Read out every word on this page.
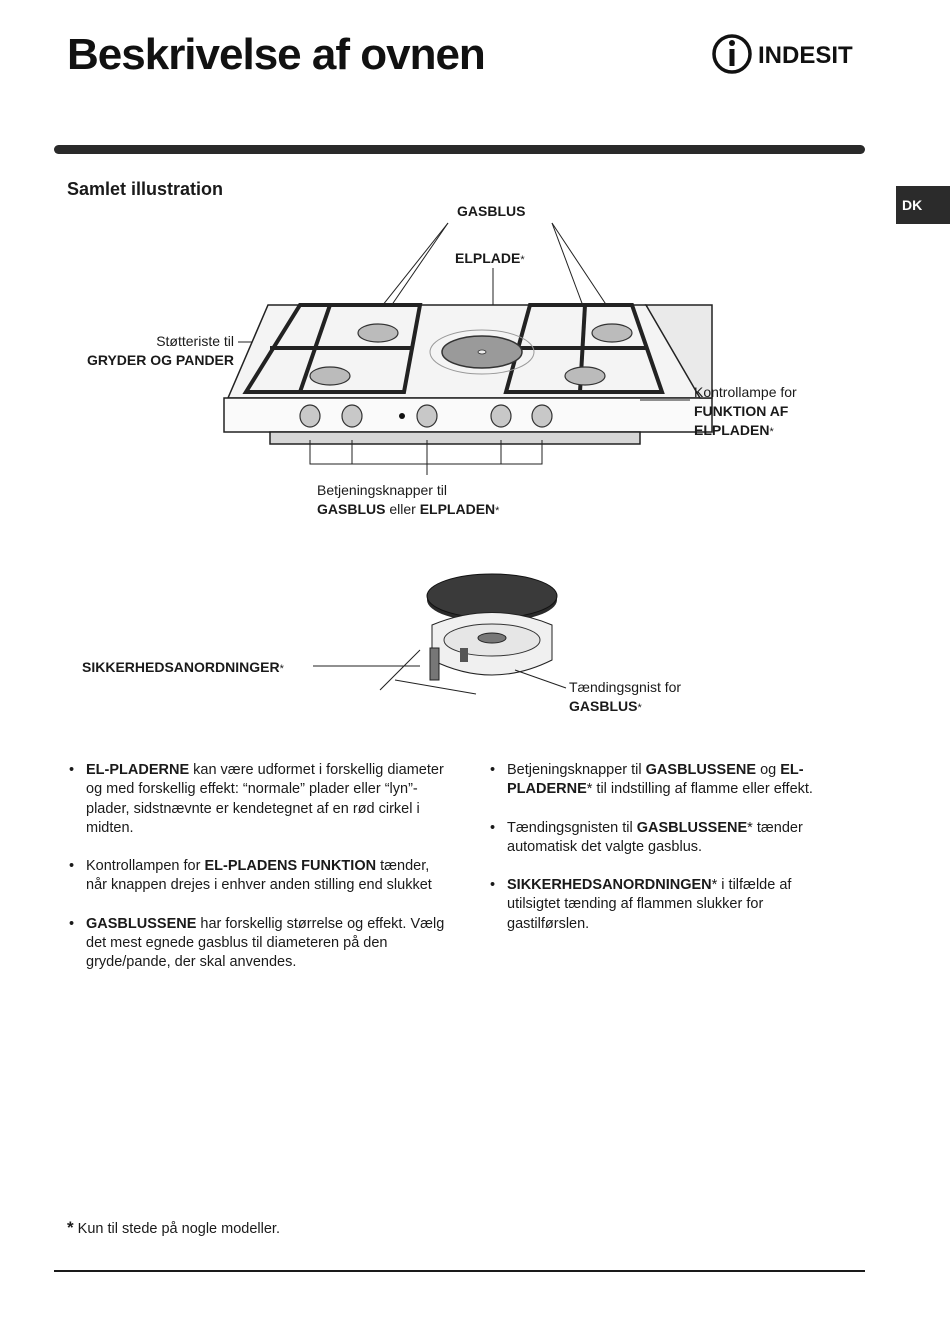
Beskrivelse af ovnen	INDESIT
DK
Samlet illustration
GASBLUS
ELPLADE*
Støtteriste til
GRYDER OG PANDER
Kontrollampe for
FUNKTION AF
ELPLADEN*
Betjeningsknapper til
GASBLUS eller ELPLADEN*
SIKKERHEDSANORDNINGER*
Tændingsgnist for
GASBLUS*
• EL-PLADERNE kan være udformet i forskellig diameter og med forskellig effekt: “normale” plader eller “lyn”-plader, sidstnævnte er kendetegnet af en rød cirkel i midten.
• Kontrollampen for EL-PLADENS FUNKTION tænder, når knappen drejes i enhver anden stilling end slukket
• GASBLUSSENE har forskellig størrelse og effekt. Vælg det mest egnede gasblus til diameteren på den gryde/pande, der skal anvendes.
• Betjeningsknapper til GASBLUSSENE og EL-PLADERNE* til indstilling af flamme eller effekt.
• Tændingsgnisten til GASBLUSSENE* tænder automatisk det valgte gasblus.
• SIKKERHEDSANORDNINGEN* i tilfælde af utilsigtet tænding af flammen slukker for gastilførslen.
* Kun til stede på nogle modeller.
